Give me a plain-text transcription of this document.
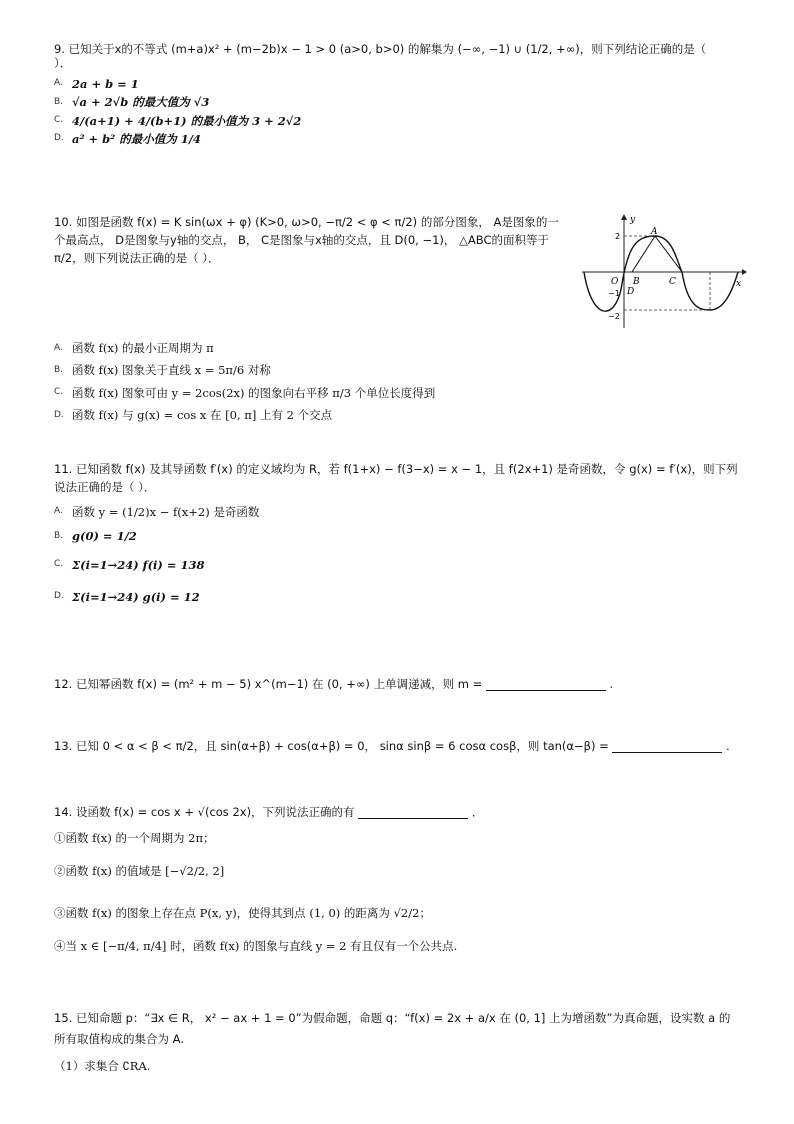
9. 已知关于x的不等式 (m+a)x² + (m−2b)x − 1 > 0 (a>0, b>0) 的解集为 (−∞, −1) ∪ (1/2, +∞)，则下列结论正确的是（
）．
A. 2a + b = 1
B. √a + 2√b 的最大值为 √3
C. 4/(a+1) + 4/(b+1) 的最小值为 3 + 2√2
D. a² + b² 的最小值为 1/4
10. 如图是函数 f(x) = K sin(ωx + φ) (K>0, ω>0, −π/2 < φ < π/2) 的部分图象， A是图象的一个最高点， D是图象与y轴的交点， B， C是图象与x轴的交点，且 D(0, −1)， △ABC的面积等于 π/2，则下列说法正确的是（ ）．
y
x
A
B	C
D
O
2
−1
−2
A. 函数 f(x) 的最小正周期为 π
B. 函数 f(x) 图象关于直线 x = 5π/6 对称
C. 函数 f(x) 图象可由 y = 2cos(2x) 的图象向右平移 π/3 个单位长度得到
D. 函数 f(x) 与 g(x) = cos x 在 [0, π] 上有 2 个交点
11. 已知函数 f(x) 及其导函数 f′(x) 的定义域均为 R，若 f(1+x) − f(3−x) = x − 1，且 f(2x+1) 是奇函数，令 g(x) = f′(x)，则下列说法正确的是（ ）．
A. 函数 y = (1/2)x − f(x+2) 是奇函数
B. g(0) = 1/2
C. Σ(i=1→24) f(i) = 138
D. Σ(i=1→24) g(i) = 12
12. 已知幂函数 f(x) = (m² + m − 5) x^(m−1) 在 (0, +∞) 上单调递减，则 m =	.
13. 已知 0 < α < β < π/2，且 sin(α+β) + cos(α+β) = 0， sinα sinβ = 6 cosα cosβ，则 tan(α−β) =	.
14. 设函数 f(x) = cos x + √(cos 2x)，下列说法正确的有	．
①函数 f(x) 的一个周期为 2π；
②函数 f(x) 的值域是 [−√2/2, 2]
③函数 f(x) 的图象上存在点 P(x, y)，使得其到点 (1, 0) 的距离为 √2/2；
④当 x ∈ [−π/4, π/4] 时，函数 f(x) 的图象与直线 y = 2 有且仅有一个公共点.
15. 已知命题 p：“∃x ∈ R， x² − ax + 1 = 0”为假命题，命题 q：“f(x) = 2x + a/x 在 (0, 1] 上为增函数”为真命题，设实数 a 的所有取值构成的集合为 A.
（1）求集合 ∁RA.
